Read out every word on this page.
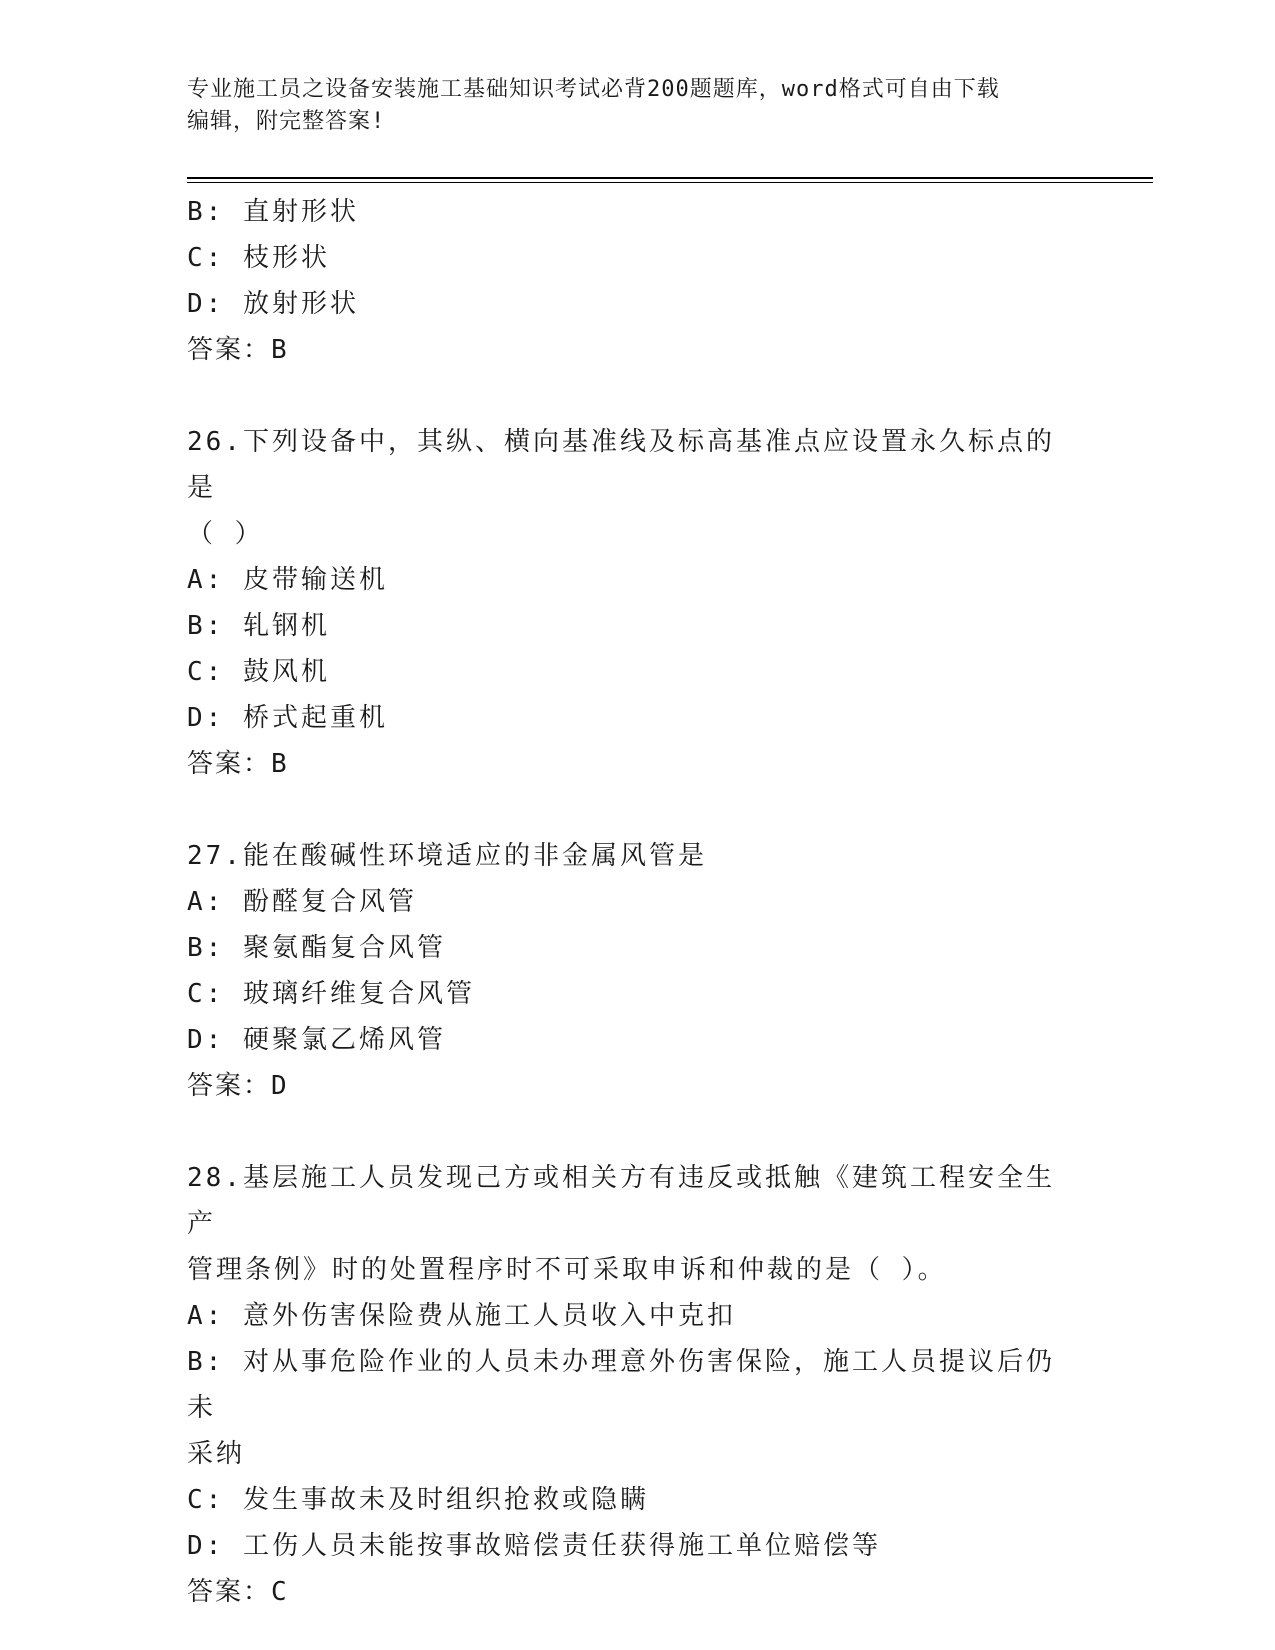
专业施工员之设备安装施工基础知识考试必背200题题库，word格式可自由下载
编辑，附完整答案!

B: 直射形状

C: 枝形状

D: 放射形状

答案：B

26.下列设备中，其纵、横向基准线及标高基准点应设置永久标点的是

（ ）

A: 皮带输送机

B: 轧钢机

C: 鼓风机

D: 桥式起重机

答案：B

27.能在酸碱性环境适应的非金属风管是

A: 酚醛复合风管

B: 聚氨酯复合风管

C: 玻璃纤维复合风管

D: 硬聚氯乙烯风管

答案：D

28.基层施工人员发现己方或相关方有违反或抵触《建筑工程安全生产

管理条例》时的处置程序时不可采取申诉和仲裁的是（ ）。

A: 意外伤害保险费从施工人员收入中克扣

B: 对从事危险作业的人员未办理意外伤害保险，施工人员提议后仍未

采纳

C: 发生事故未及时组织抢救或隐瞒

D: 工伤人员未能按事故赔偿责任获得施工单位赔偿等

答案：C
